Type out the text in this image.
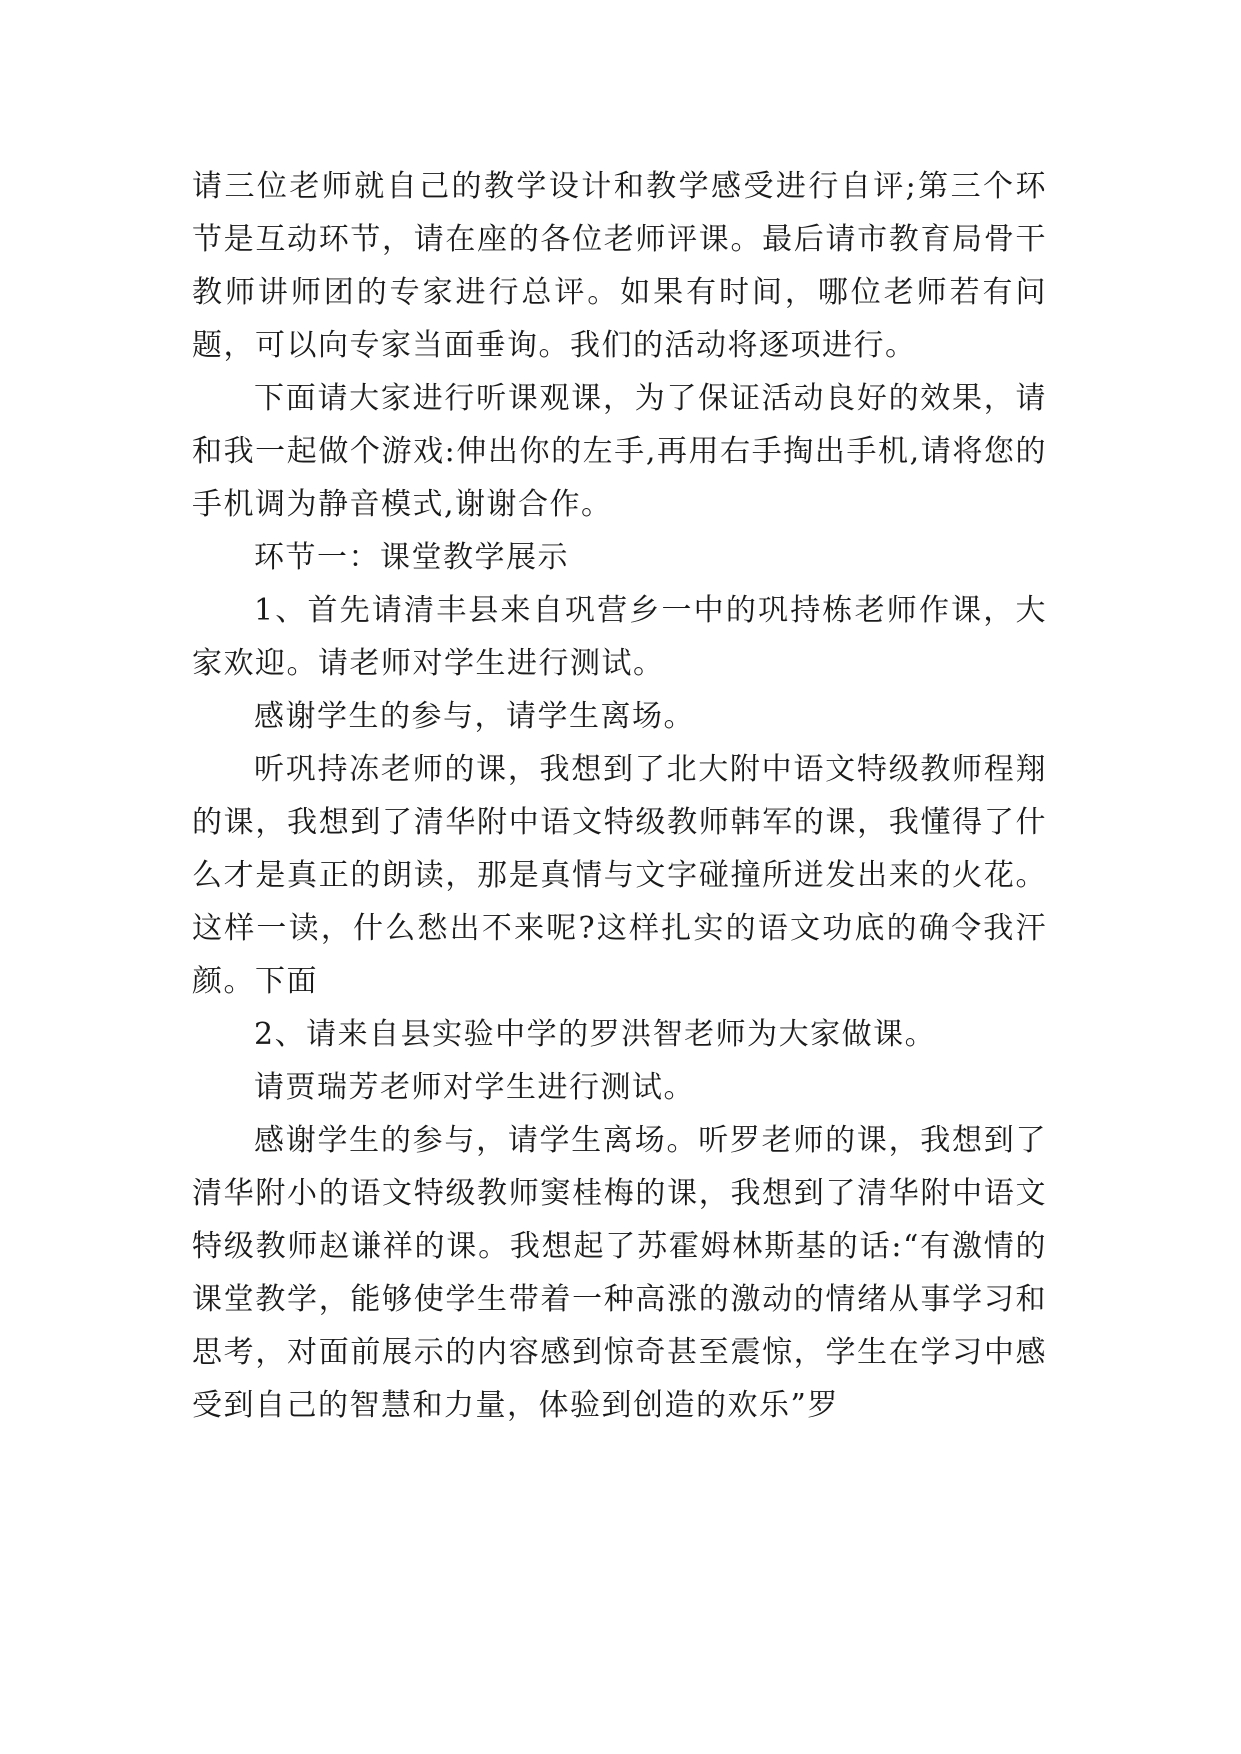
请三位老师就自己的教学设计和教学感受进行自评;第三个环节是互动环节，请在座的各位老师评课。最后请市教育局骨干教师讲师团的专家进行总评。如果有时间，哪位老师若有问题，可以向专家当面垂询。我们的活动将逐项进行。

下面请大家进行听课观课，为了保证活动良好的效果，请和我一起做个游戏:伸出你的左手,再用右手掏出手机,请将您的手机调为静音模式,谢谢合作。

环节一：课堂教学展示

1、首先请清丰县来自巩营乡一中的巩持栋老师作课，大家欢迎。请老师对学生进行测试。

感谢学生的参与，请学生离场。

听巩持冻老师的课，我想到了北大附中语文特级教师程翔的课，我想到了清华附中语文特级教师韩军的课，我懂得了什么才是真正的朗读，那是真情与文字碰撞所迸发出来的火花。这样一读，什么愁出不来呢?这样扎实的语文功底的确令我汗颜。下面

2、请来自县实验中学的罗洪智老师为大家做课。

请贾瑞芳老师对学生进行测试。

感谢学生的参与，请学生离场。听罗老师的课，我想到了清华附小的语文特级教师窦桂梅的课，我想到了清华附中语文特级教师赵谦祥的课。我想起了苏霍姆林斯基的话:“有激情的课堂教学，能够使学生带着一种高涨的激动的情绪从事学习和思考，对面前展示的内容感到惊奇甚至震惊，学生在学习中感受到自己的智慧和力量，体验到创造的欢乐”罗
